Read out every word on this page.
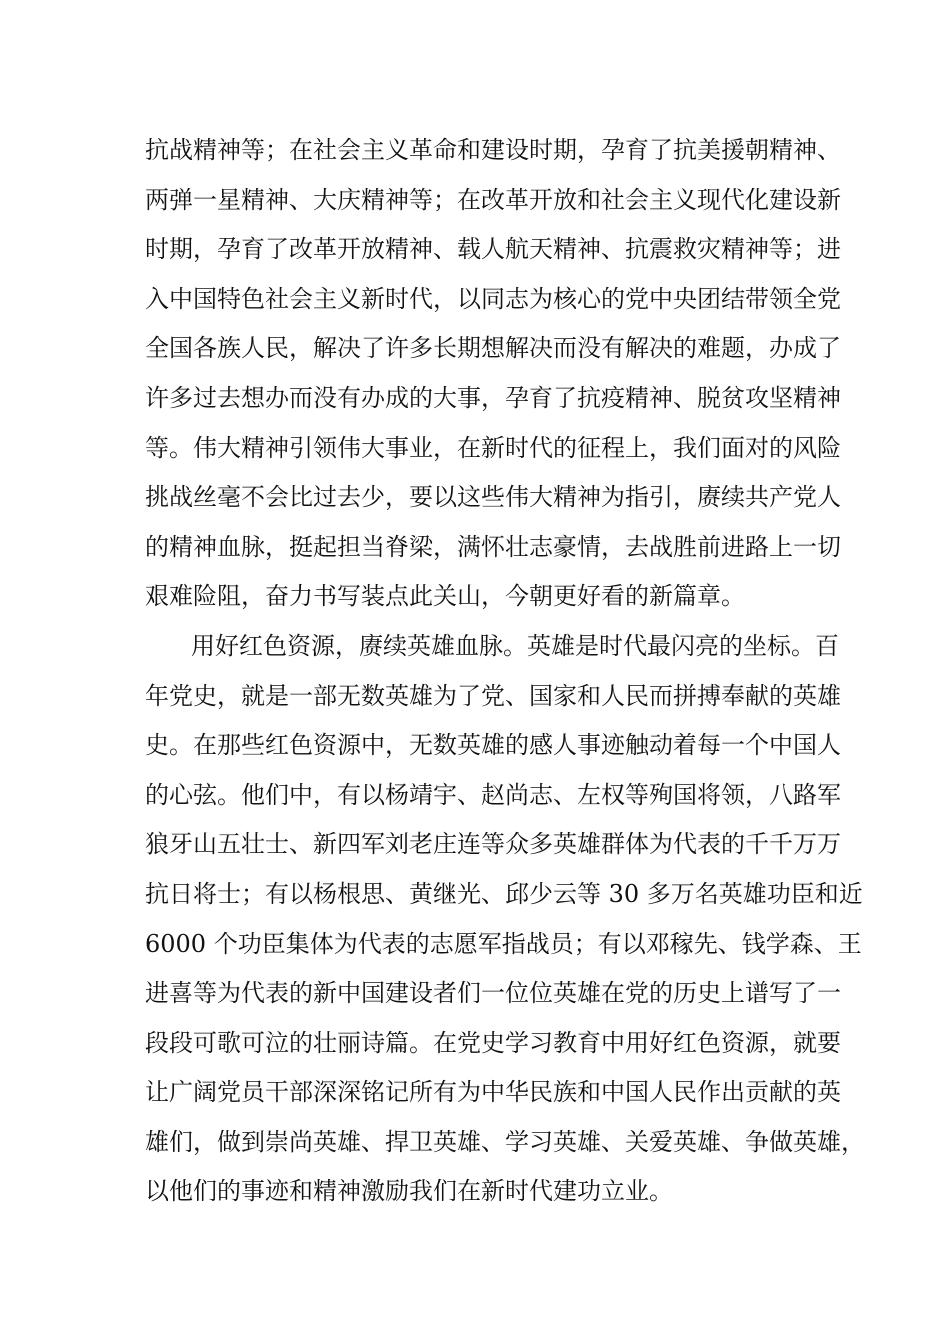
抗战精神等；在社会主义革命和建设时期，孕育了抗美援朝精神、
两弹一星精神、大庆精神等；在改革开放和社会主义现代化建设新
时期，孕育了改革开放精神、载人航天精神、抗震救灾精神等；进
入中国特色社会主义新时代，以同志为核心的党中央团结带领全党
全国各族人民，解决了许多长期想解决而没有解决的难题，办成了
许多过去想办而没有办成的大事，孕育了抗疫精神、脱贫攻坚精神
等。伟大精神引领伟大事业，在新时代的征程上，我们面对的风险
挑战丝毫不会比过去少，要以这些伟大精神为指引，赓续共产党人
的精神血脉，挺起担当脊梁，满怀壮志豪情，去战胜前进路上一切
艰难险阻，奋力书写装点此关山，今朝更好看的新篇章。
用好红色资源，赓续英雄血脉。英雄是时代最闪亮的坐标。百
年党史，就是一部无数英雄为了党、国家和人民而拼搏奉献的英雄
史。在那些红色资源中，无数英雄的感人事迹触动着每一个中国人
的心弦。他们中，有以杨靖宇、赵尚志、左权等殉国将领，八路军
狼牙山五壮士、新四军刘老庄连等众多英雄群体为代表的千千万万
抗日将士；有以杨根思、黄继光、邱少云等 30 多万名英雄功臣和近
6000 个功臣集体为代表的志愿军指战员；有以邓稼先、钱学森、王
进喜等为代表的新中国建设者们一位位英雄在党的历史上谱写了一
段段可歌可泣的壮丽诗篇。在党史学习教育中用好红色资源，就要
让广阔党员干部深深铭记所有为中华民族和中国人民作出贡献的英
雄们，做到崇尚英雄、捍卫英雄、学习英雄、关爱英雄、争做英雄，
以他们的事迹和精神激励我们在新时代建功立业。
